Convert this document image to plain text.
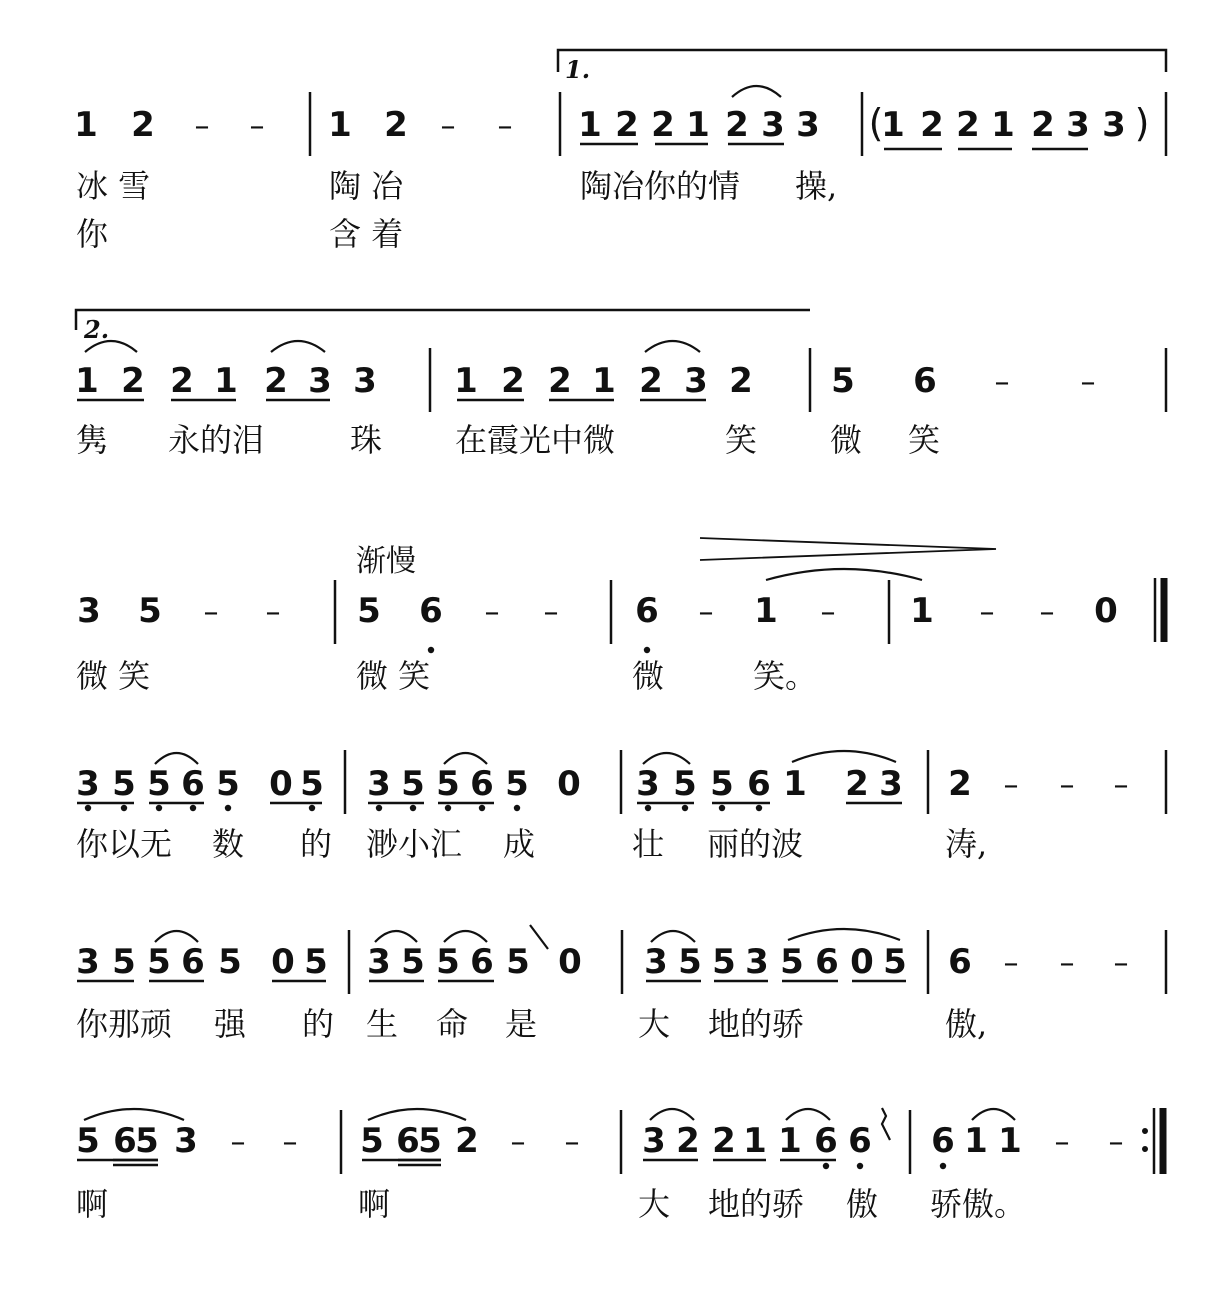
冰 雪	陶 冶	陶冶你的情 操,
你	含 着
隽 永的泪	珠 在霞光中微	笑 微 笑
渐慢
微 笑	微 笑	微	笑。
你以无 数 的 渺小汇 成	壮 丽的波	涛,
你那顽 强 的 生 命 是	大 地的骄	傲,
啊	啊	大 地的骄 傲 骄傲。
1.
2.
1 2 – – 1 2 – – 1 2 2 1 2 3 3 (
1 2 2 1 2 3 3 )
1 2 2 1 2 3 3 1 2 2 1 2 3 2 5 6 – –
3 5 – – 5 6 – – 6 – 1 – 1 – – 0
3 5 5 6 5 0 5 3 5 5 6 5 0 3 5 5 6 1 2 3 2 – – –
3 5 5 6 5 0 5 3 5 5 6 5 0 3 5 5 3 5 6 0 5 6 – – –
5 6
5 3 – – 5 6
5 2 – – 3 2 2 1 1 6 6 6 1 1 – –
